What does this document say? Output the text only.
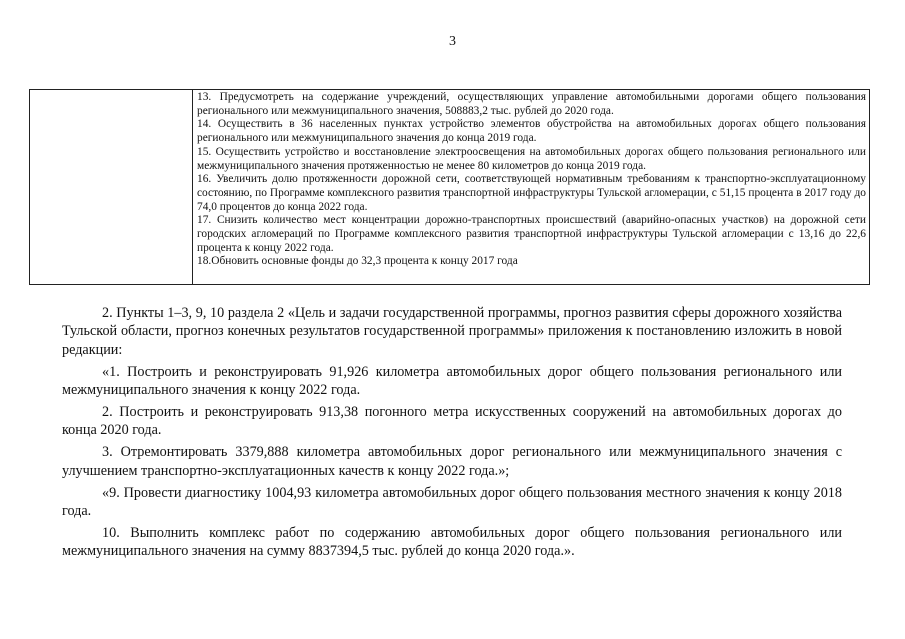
3

13. Предусмотреть на содержание учреждений, осуществляющих управление автомобильными дорогами общего пользования регионального или межмуниципального значения, 508883,2 тыс. рублей до 2020 года.

14. Осуществить в 36 населенных пунктах устройство элементов обустройства на автомобильных дорогах общего пользования регионального или межмуниципального значения до конца 2019 года.

15. Осуществить устройство и восстановление электроосвещения на автомобильных дорогах общего пользования регионального или межмуниципального значения протяженностью не менее 80 километров до конца 2019 года.

16. Увеличить долю протяженности дорожной сети, соответствующей нормативным требованиям к транспортно-эксплуатационному состоянию, по Программе комплексного развития транспортной инфраструктуры Тульской агломерации, с 51,15 процента в 2017 году до 74,0 процентов до конца 2022 года.

17. Снизить количество мест концентрации дорожно-транспортных происшествий (аварийно-опасных участков) на дорожной сети городских агломераций по Программе комплексного развития транспортной инфраструктуры Тульской агломерации с 13,16 до 22,6 процента к концу 2022 года.

18.Обновить основные фонды до 32,3 процента к концу 2017 года

2. Пункты 1–3, 9, 10 раздела 2 «Цель и задачи государственной программы, прогноз развития сферы дорожного хозяйства Тульской области, прогноз конечных результатов государственной программы» приложения к постановлению изложить в новой редакции:

«1. Построить и реконструировать 91,926 километра автомобильных дорог общего пользования регионального или межмуниципального значения к концу 2022 года.

2. Построить и реконструировать 913,38 погонного метра искусственных сооружений на автомобильных дорогах до конца 2020 года.

3. Отремонтировать 3379,888 километра автомобильных дорог регионального или межмуниципального значения с улучшением транспортно-эксплуатационных качеств к концу 2022 года.»;

«9. Провести диагностику 1004,93 километра автомобильных дорог общего пользования местного значения к концу 2018 года.

10. Выполнить комплекс работ по содержанию автомобильных дорог общего пользования регионального или межмуниципального значения на сумму 8837394,5 тыс. рублей до конца 2020 года.».
